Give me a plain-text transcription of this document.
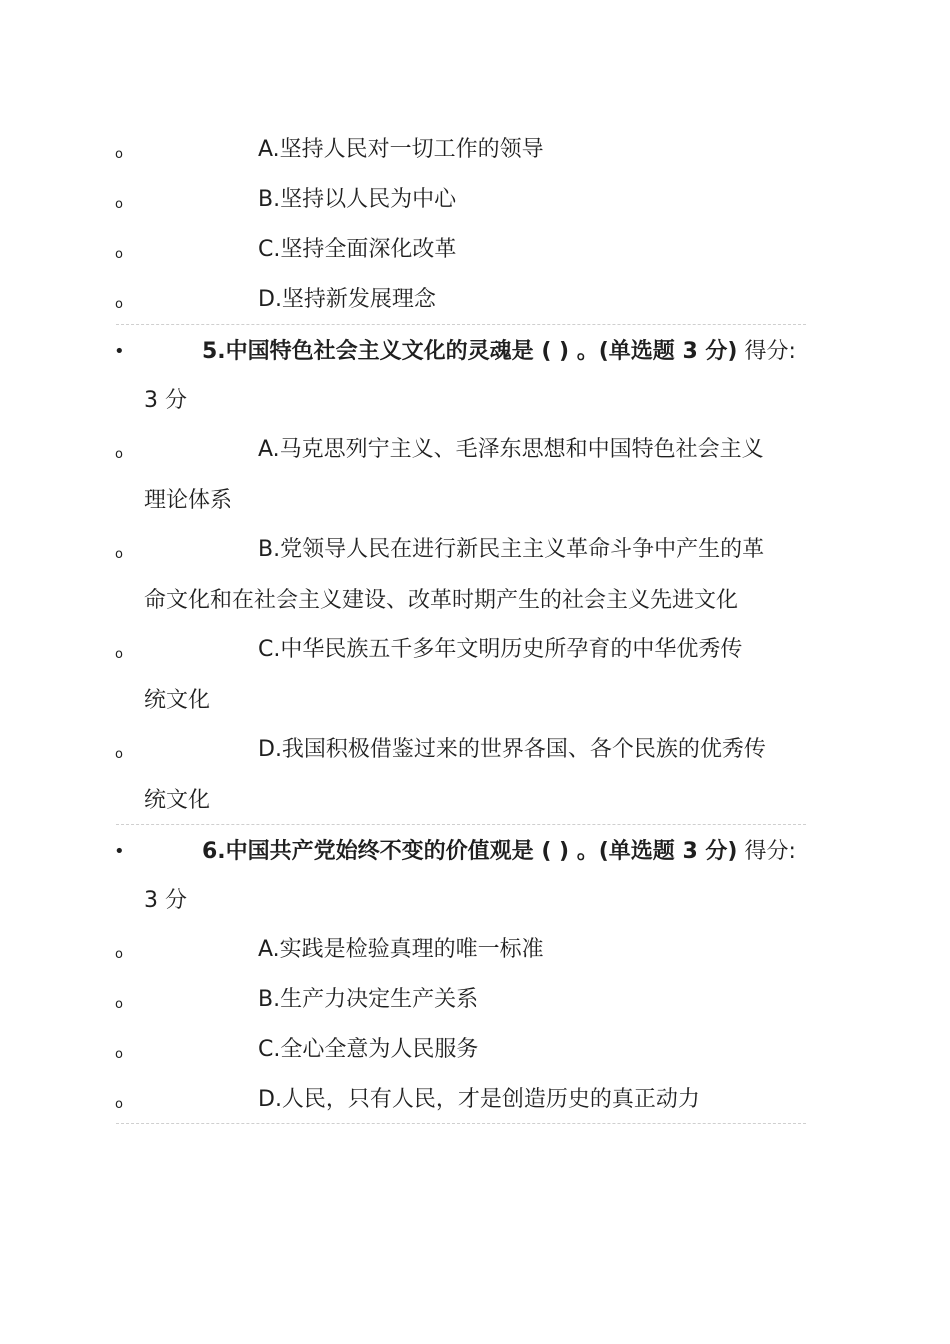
o	A.坚持人民对一切工作的领导
o	B.坚持以人民为中心
o	C.坚持全面深化改革
o	D.坚持新发展理念
•	5.中国特色社会主义文化的灵魂是 ( ) 。(单选题 3 分) 得分:
3 分
o	A.马克思列宁主义、毛泽东思想和中国特色社会主义
理论体系
o	B.党领导人民在进行新民主主义革命斗争中产生的革
命文化和在社会主义建设、改革时期产生的社会主义先进文化
o	C.中华民族五千多年文明历史所孕育的中华优秀传
统文化
o	D.我国积极借鉴过来的世界各国、各个民族的优秀传
统文化
•	6.中国共产党始终不变的价值观是 ( ) 。(单选题 3 分) 得分:
3 分
o	A.实践是检验真理的唯一标准
o	B.生产力决定生产关系
o	C.全心全意为人民服务
o	D.人民，只有人民，才是创造历史的真正动力
